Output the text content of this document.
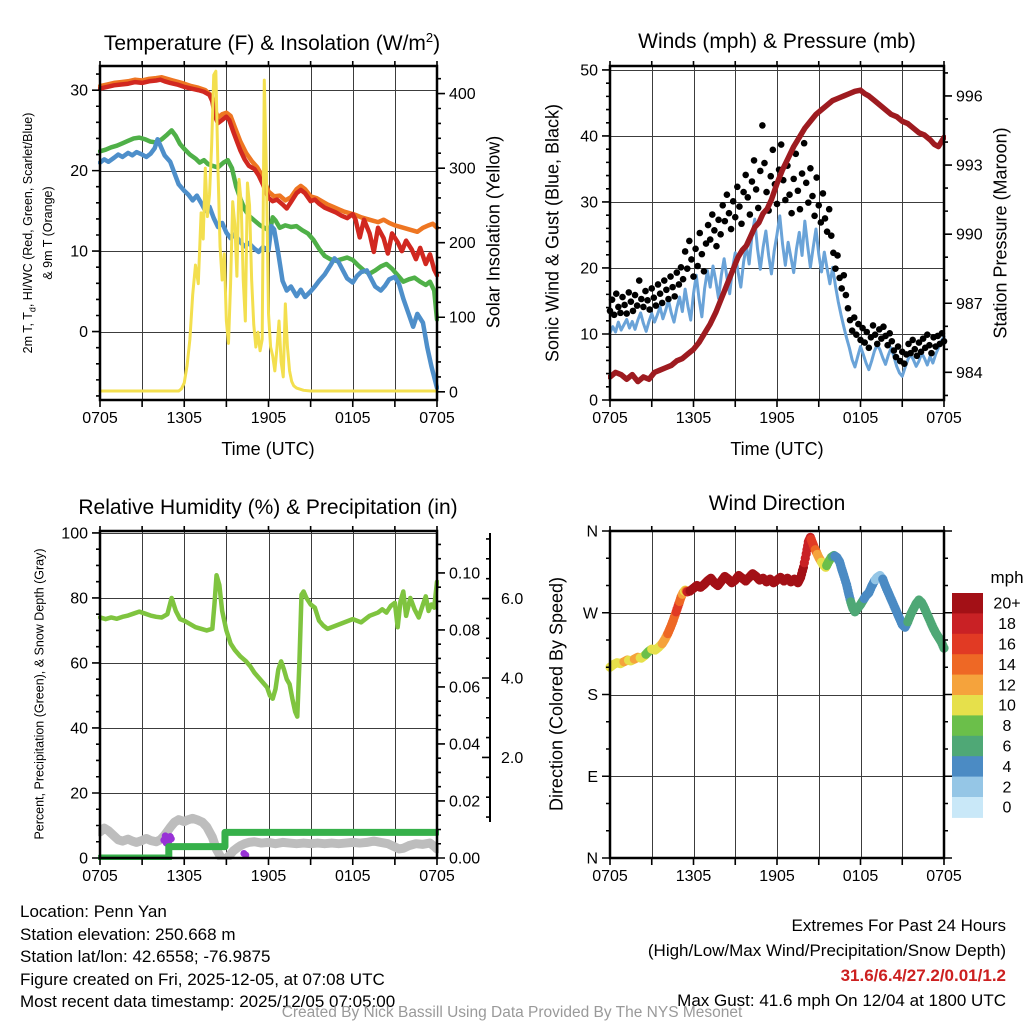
Temperature (F) & Insolation $(W/m^2)$	Winds (mph) & Pressure (mb)
Relative Humidity (%) & Precipitation (in)	Wind Direction
2m T, $T_d$, HI/WC (Red, Green, Scarlet/Blue) & 9m T (Orange)	Solar Insolation (Yellow) Sonic Wind & Gust (Blue, Black)	Station Pressure (Maroon)
Percent, Precipitation (Green), & Snow Depth (Gray)	Direction (Colored By Speed)
Time (UTC)	Time (UTC)
Location: Penn Yan
Station elevation: 250.668 m
Station lat/lon: 42.6558; -76.9875
Figure created on Fri, 2025-12-05, at 07:08 UTC
Most recent data timestamp: 2025/12/05 07:05:00
Extremes For Past 24 Hours
(High/Low/Max Wind/Precipitation/Snow Depth)
31.6/6.4/27.2/0.01/1.2
Max Gust: 41.6 mph On 12/04 at 1800 UTC
Created By Nick Bassill Using Data Provided By The NYS Mesonet
